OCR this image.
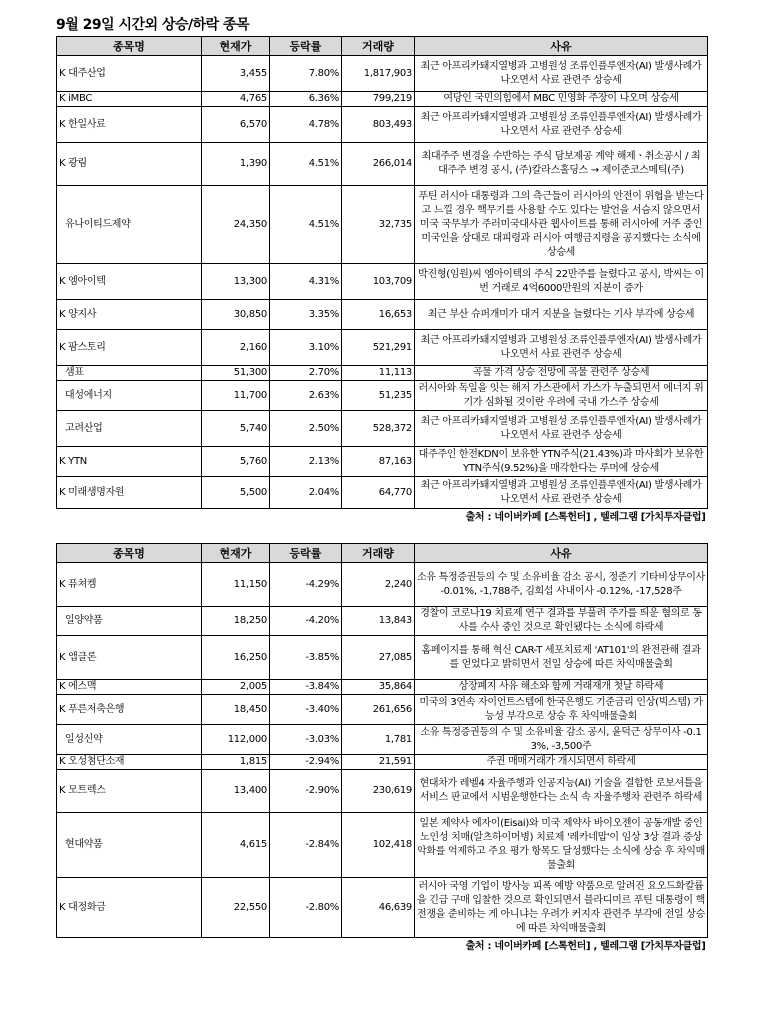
9월 29일 시간외 상승/하락 종목
종목명	현재가	등락률	거래량	사유
K 대주산업	3,455	7.80%	1,817,903	최근 아프리카돼지열병과 고병원성 조류인플루엔자(AI) 발생사례가 나오면서 사료 관련주 상승세
K iMBC	4,765	6.36%	799,219	여당인 국민의힘에서 MBC 민영화 주장이 나오며 상승세
K 한일사료	6,570	4.78%	803,493	최근 아프리카돼지열병과 고병원성 조류인플루엔자(AI) 발생사례가 나오면서 사료 관련주 상승세
K 광림	1,390	4.51%	266,014	최대주주 변경을 수반하는 주식 담보제공 계약 해제ㆍ취소공시 / 최대주주 변경 공시, (주)칼라스홀딩스 → 제이준코스메틱(주)
유나이티드제약	24,350	4.51%	32,735	푸틴 러시아 대통령과 그의 측근들이 러시아의 안전이 위협을 받는다고 느낄 경우 핵무기를 사용할 수도 있다는 발언을 서슴지 않으면서 미국 국무부가 주러미국대사관 웹사이트를 통해 러시아에 거주 중인 미국인을 상대로 대피령과 러시아 여행금지령을 공지했다는 소식에 상승세
K 엠아이텍	13,300	4.31%	103,709	박진형(임원)씨 엠아이텍의 주식 22만주를 늘렸다고 공시, 박씨는 이번 거래로 4억6000만원의 지분이 증가
K 양지사	30,850	3.35%	16,653	최근 부산 슈퍼개미가 대거 지분을 늘렸다는 기사 부각에 상승세
K 팜스토리	2,160	3.10%	521,291	최근 아프리카돼지열병과 고병원성 조류인플루엔자(AI) 발생사례가 나오면서 사료 관련주 상승세
샘표	51,300	2.70%	11,113	곡물 가격 상승 전망에 곡물 관련주 상승세
대성에너지	11,700	2.63%	51,235	러시아와 독일을 잇는 해저 가스관에서 가스가 누출되면서 에너지 위기가 심화될 것이란 우려에 국내 가스주 상승세
고려산업	5,740	2.50%	528,372	최근 아프리카돼지열병과 고병원성 조류인플루엔자(AI) 발생사례가 나오면서 사료 관련주 상승세
K YTN	5,760	2.13%	87,163	대주주인 한전KDN이 보유한 YTN주식(21.43%)과 마사회가 보유한 YTN주식(9.52%)을 매각한다는 루머에 상승세
K 미래생명자원	5,500	2.04%	64,770	최근 아프리카돼지열병과 고병원성 조류인플루엔자(AI) 발생사례가 나오면서 사료 관련주 상승세
출처 : 네이버카페 [스톡헌터] , 텔레그램 [가치투자클럽]				
종목명	현재가	등락률	거래량	사유
K 퓨쳐켐	11,150	-4.29%	2,240	소유 특정증권등의 수 및 소유비율 감소 공시, 정준기 기타비상무이사 -0.01%, -1,788주, 김희섭 사내이사 -0.12%, -17,528주
일양약품	18,250	-4.20%	13,843	경찰이 코로나19 치료제 연구 결과를 부풀려 주가를 띄운 혐의로 동사를 수사 중인 것으로 확인됐다는 소식에 하락세
K 앱클론	16,250	-3.85%	27,085	홈페이지를 통해 혁신 CAR-T 세포치료제 'AT101'의 완전관해 결과를 얻었다고 밝히면서 전일 상승에 따른 차익매물출회
K 에스맥	2,005	-3.84%	35,864	상장폐지 사유 해소와 함께 거래재개 첫날 하락세
K 푸른저축은행	18,450	-3.40%	261,656	미국의 3연속 자이언트스텝에 한국은행도 기준금리 인상(빅스텝) 가능성 부각으로 상승 후 차익매물출회
일성신약	112,000	-3.03%	1,781	소유 특정증권등의 수 및 소유비율 감소 공시, 윤덕근 상무이사 -0.13%, -3,500주
K 오성첨단소재	1,815	-2.94%	21,591	주권 매매거래가 개시되면서 하락세
K 모트렉스	13,400	-2.90%	230,619	현대차가 레벨4 자율주행과 인공지능(AI) 기술을 결합한 로보셔틀을 서비스 판교에서 시범운행한다는 소식 속 자율주행차 관련주 하락세
현대약품	4,615	-2.84%	102,418	일본 제약사 에자이(Eisai)와 미국 제약사 바이오젠이 공동개발 중인 노인성 치매(알츠하이머병) 치료제 '레카네맙'이 임상 3상 결과 증상 악화를 억제하고 주요 평가 항목도 달성했다는 소식에 상승 후 차익매물출회
K 대정화금	22,550	-2.80%	46,639	러시아 국영 기업이 방사능 피폭 예방 약품으로 알려진 요오드화칼륨을 긴급 구매 입찰한 것으로 확인되면서 블라디미르 푸틴 대통령이 핵 전쟁을 준비하는 게 아니냐는 우려가 커지자 관련주 부각에 전일 상승에 따른 차익매물출회
출처 : 네이버카페 [스톡헌터] , 텔레그램 [가치투자클럽]				
